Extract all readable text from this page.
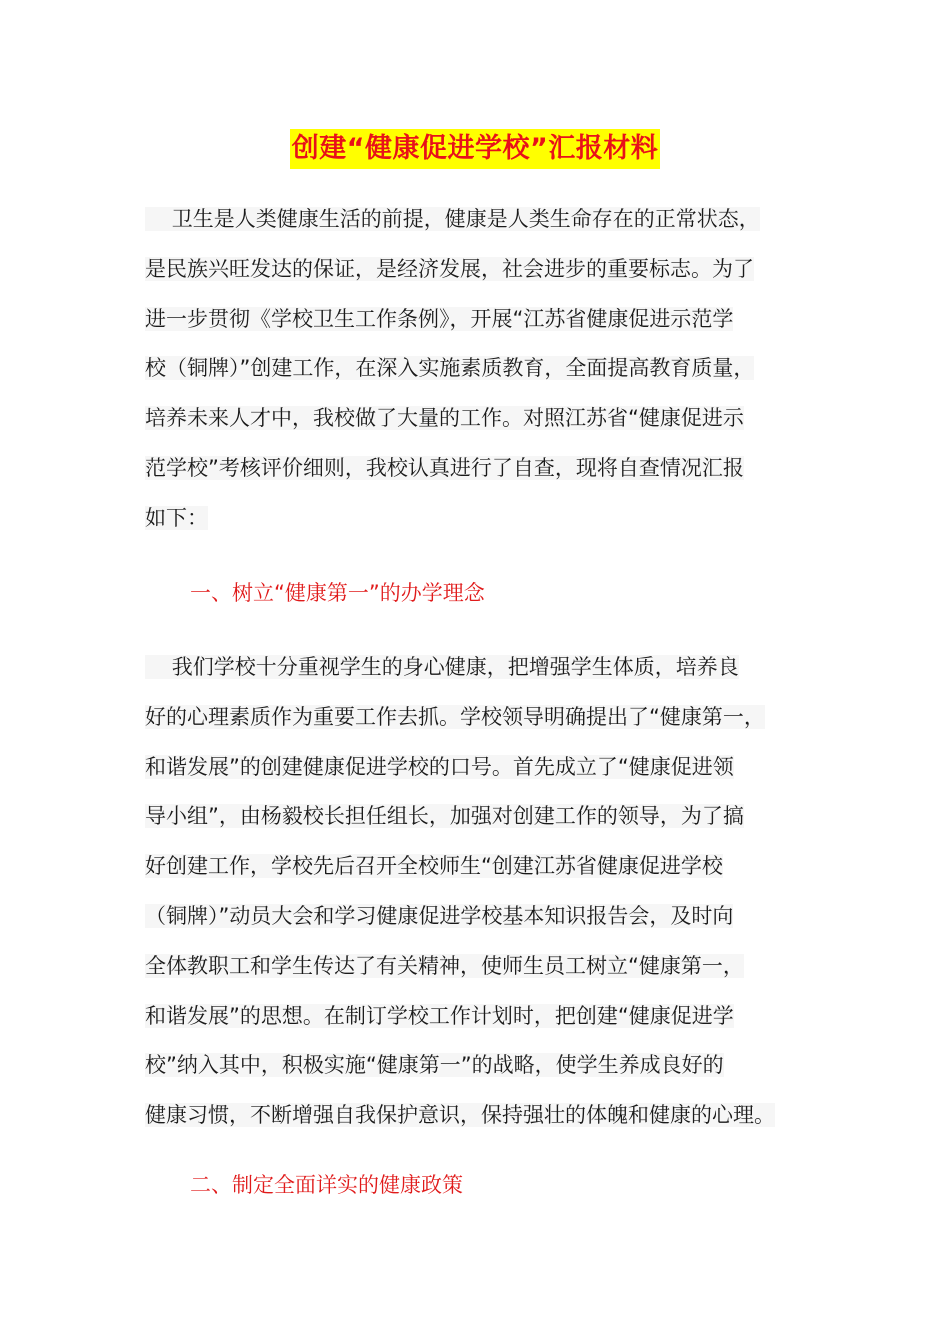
创建“健康促进学校”汇报材料
卫生是人类健康生活的前提，健康是人类生命存在的正常状态，
是民族兴旺发达的保证，是经济发展，社会进步的重要标志。为了
进一步贯彻《学校卫生工作条例》，开展“江苏省健康促进示范学
校（铜牌）”创建工作，在深入实施素质教育，全面提高教育质量，
培养未来人才中，我校做了大量的工作。对照江苏省“健康促进示
范学校”考核评价细则，我校认真进行了自查，现将自查情况汇报
如下：

一、树立“健康第一”的办学理念

我们学校十分重视学生的身心健康，把增强学生体质，培养良
好的心理素质作为重要工作去抓。学校领导明确提出了“健康第一，
和谐发展”的创建健康促进学校的口号。首先成立了“健康促进领
导小组”，由杨毅校长担任组长，加强对创建工作的领导，为了搞
好创建工作，学校先后召开全校师生“创建江苏省健康促进学校
（铜牌）”动员大会和学习健康促进学校基本知识报告会，及时向
全体教职工和学生传达了有关精神，使师生员工树立“健康第一，
和谐发展”的思想。在制订学校工作计划时，把创建“健康促进学
校”纳入其中，积极实施“健康第一”的战略，使学生养成良好的
健康习惯，不断增强自我保护意识，保持强壮的体魄和健康的心理。

二、制定全面详实的健康政策
